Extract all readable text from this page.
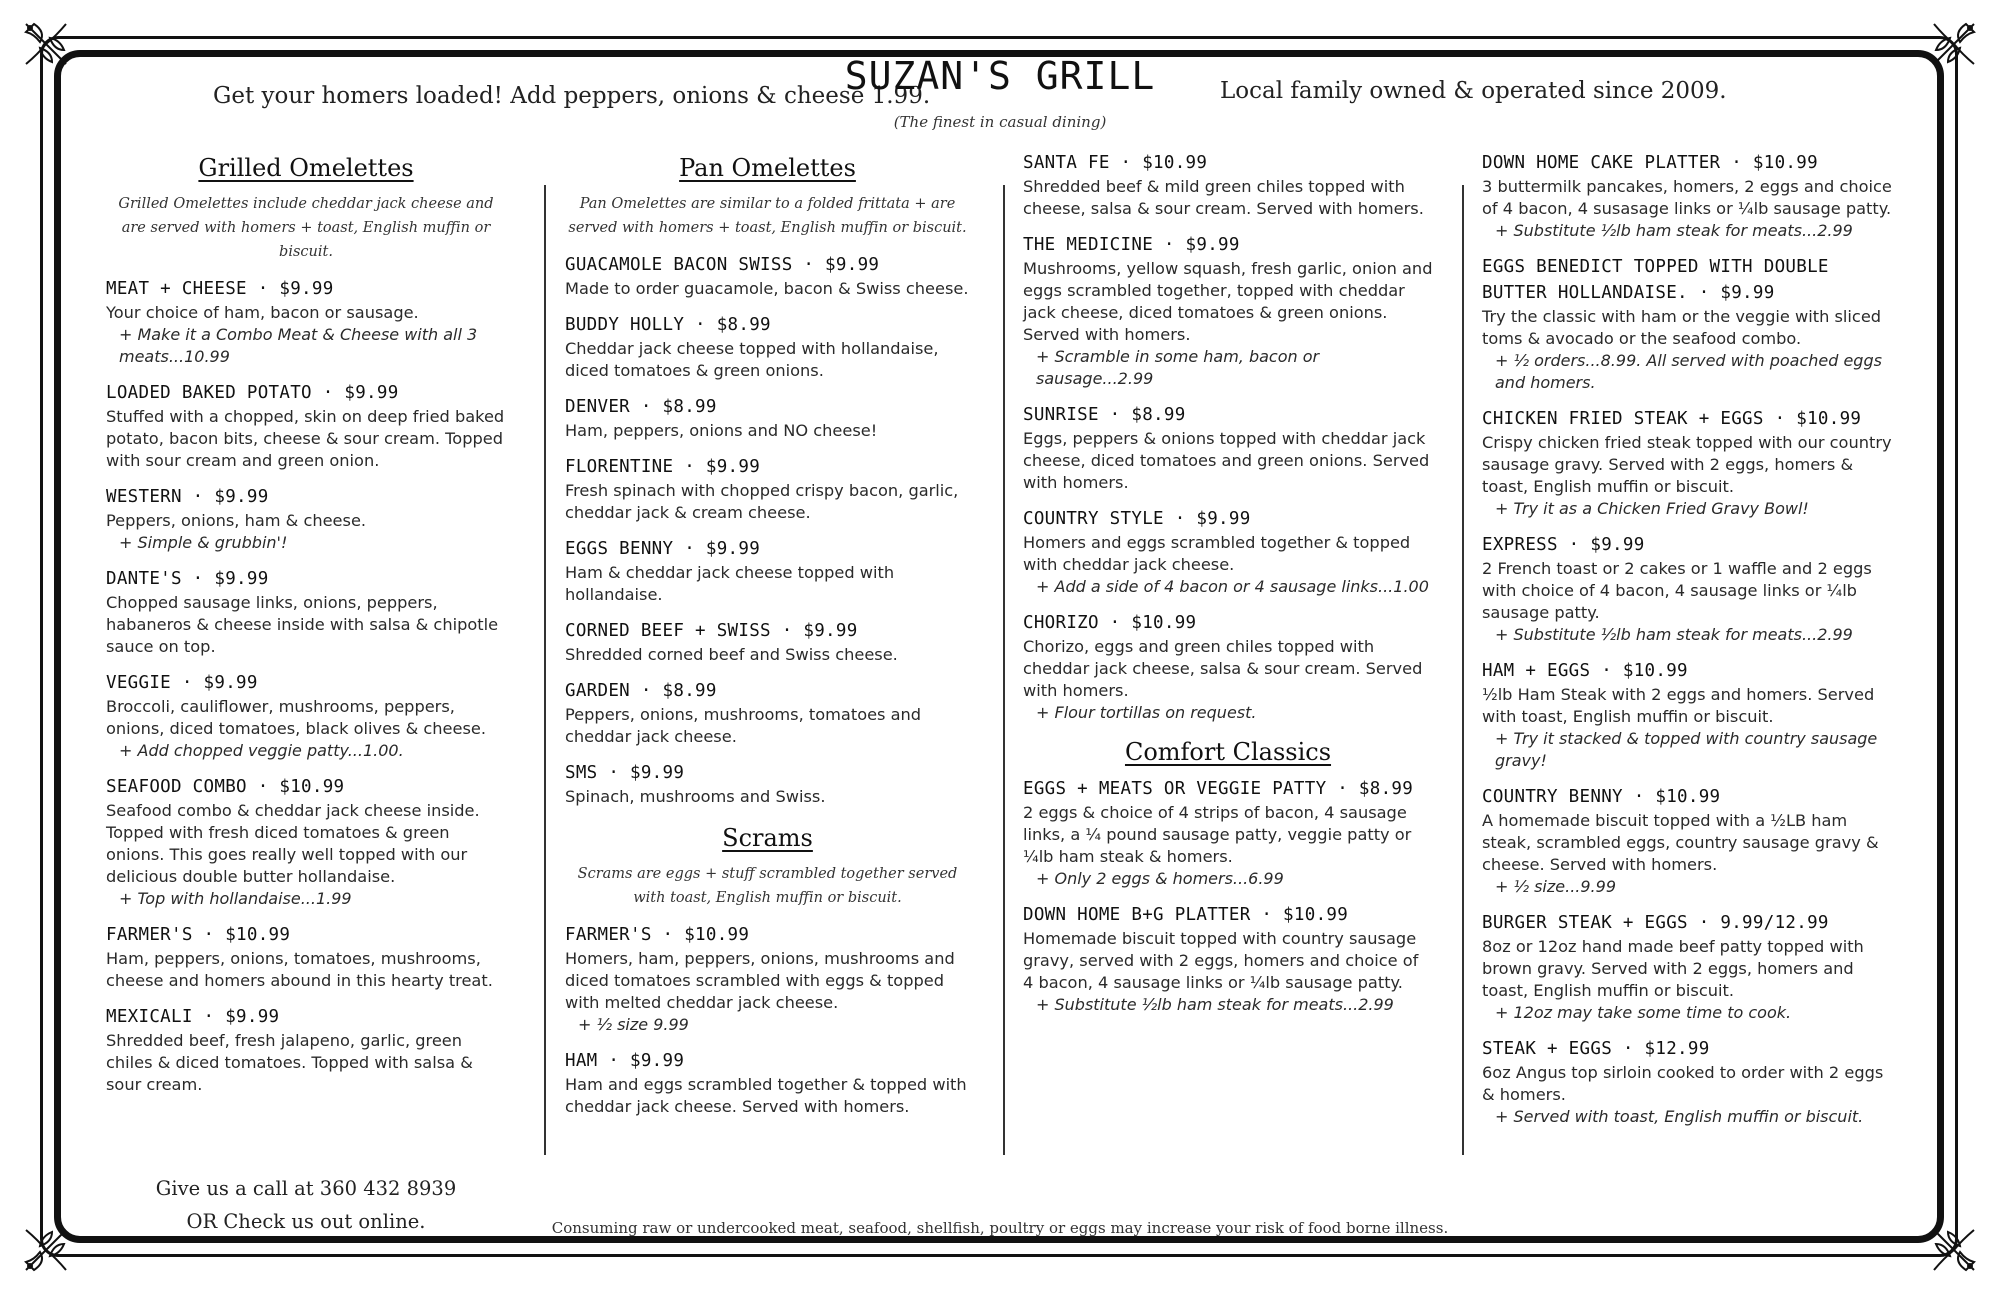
Get your homers loaded! Add peppers, onions & cheese 1.99.
SUZAN'S GRILL
(The finest in casual dining)
Local family owned & operated since 2009.
Grilled Omelettes
Grilled Omelettes include cheddar jack cheese and are served with homers + toast, English muffin or biscuit.
MEAT + CHEESE · $9.99
Your choice of ham, bacon or sausage.
+ Make it a Combo Meat & Cheese with all 3 meats...10.99
LOADED BAKED POTATO · $9.99
Stuffed with a chopped, skin on deep fried baked potato, bacon bits, cheese & sour cream. Topped with sour cream and green onion.
WESTERN · $9.99
Peppers, onions, ham & cheese.
+ Simple & grubbin'!
DANTE'S · $9.99
Chopped sausage links, onions, peppers, habaneros & cheese inside with salsa & chipotle sauce on top.
VEGGIE · $9.99
Broccoli, cauliflower, mushrooms, peppers, onions, diced tomatoes, black olives & cheese.
+ Add chopped veggie patty...1.00.
SEAFOOD COMBO · $10.99
Seafood combo & cheddar jack cheese inside. Topped with fresh diced tomatoes & green onions. This goes really well topped with our delicious double butter hollandaise.
+ Top with hollandaise...1.99
FARMER'S · $10.99
Ham, peppers, onions, tomatoes, mushrooms, cheese and homers abound in this hearty treat.
MEXICALI · $9.99
Shredded beef, fresh jalapeno, garlic, green chiles & diced tomatoes. Topped with salsa & sour cream.
Pan Omelettes
Pan Omelettes are similar to a folded frittata + are served with homers + toast, English muffin or biscuit.
GUACAMOLE BACON SWISS · $9.99
Made to order guacamole, bacon & Swiss cheese.
BUDDY HOLLY · $8.99
Cheddar jack cheese topped with hollandaise, diced tomatoes & green onions.
DENVER · $8.99
Ham, peppers, onions and NO cheese!
FLORENTINE · $9.99
Fresh spinach with chopped crispy bacon, garlic, cheddar jack & cream cheese.
EGGS BENNY · $9.99
Ham & cheddar jack cheese topped with hollandaise.
CORNED BEEF + SWISS · $9.99
Shredded corned beef and Swiss cheese.
GARDEN · $8.99
Peppers, onions, mushrooms, tomatoes and cheddar jack cheese.
SMS · $9.99
Spinach, mushrooms and Swiss.
Scrams
Scrams are eggs + stuff scrambled together served with toast, English muffin or biscuit.
FARMER'S · $10.99
Homers, ham, peppers, onions, mushrooms and diced tomatoes scrambled with eggs & topped with melted cheddar jack cheese.
+ ½ size 9.99
HAM · $9.99
Ham and eggs scrambled together & topped with cheddar jack cheese. Served with homers.
SANTA FE · $10.99
Shredded beef & mild green chiles topped with cheese, salsa & sour cream. Served with homers.
THE MEDICINE · $9.99
Mushrooms, yellow squash, fresh garlic, onion and eggs scrambled together, topped with cheddar jack cheese, diced tomatoes & green onions. Served with homers.
+ Scramble in some ham, bacon or sausage...2.99
SUNRISE · $8.99
Eggs, peppers & onions topped with cheddar jack cheese, diced tomatoes and green onions. Served with homers.
COUNTRY STYLE · $9.99
Homers and eggs scrambled together & topped with cheddar jack cheese.
+ Add a side of 4 bacon or 4 sausage links...1.00
CHORIZO · $10.99
Chorizo, eggs and green chiles topped with cheddar jack cheese, salsa & sour cream. Served with homers.
+ Flour tortillas on request.
Comfort Classics
EGGS + MEATS OR VEGGIE PATTY · $8.99
2 eggs & choice of 4 strips of bacon, 4 sausage links, a ¼ pound sausage patty, veggie patty or ¼lb ham steak & homers.
+ Only 2 eggs & homers...6.99
DOWN HOME B+G PLATTER · $10.99
Homemade biscuit topped with country sausage gravy, served with 2 eggs, homers and choice of 4 bacon, 4 sausage links or ¼lb sausage patty.
+ Substitute ½lb ham steak for meats...2.99
DOWN HOME CAKE PLATTER · $10.99
3 buttermilk pancakes, homers, 2 eggs and choice of 4 bacon, 4 susasage links or ¼lb sausage patty.
+ Substitute ½lb ham steak for meats...2.99
EGGS BENEDICT TOPPED WITH DOUBLE BUTTER HOLLANDAISE. · $9.99
Try the classic with ham or the veggie with sliced toms & avocado or the seafood combo.
+ ½ orders...8.99. All served with poached eggs and homers.
CHICKEN FRIED STEAK + EGGS · $10.99
Crispy chicken fried steak topped with our country sausage gravy. Served with 2 eggs, homers & toast, English muffin or biscuit.
+ Try it as a Chicken Fried Gravy Bowl!
EXPRESS · $9.99
2 French toast or 2 cakes or 1 waffle and 2 eggs with choice of 4 bacon, 4 sausage links or ¼lb sausage patty.
+ Substitute ½lb ham steak for meats...2.99
HAM + EGGS · $10.99
½lb Ham Steak with 2 eggs and homers. Served with toast, English muffin or biscuit.
+ Try it stacked & topped with country sausage gravy!
COUNTRY BENNY · $10.99
A homemade biscuit topped with a ½LB ham steak, scrambled eggs, country sausage gravy & cheese. Served with homers.
+ ½ size...9.99
BURGER STEAK + EGGS · 9.99/12.99
8oz or 12oz hand made beef patty topped with brown gravy. Served with 2 eggs, homers and toast, English muffin or biscuit.
+ 12oz may take some time to cook.
STEAK + EGGS · $12.99
6oz Angus top sirloin cooked to order with 2 eggs & homers.
+ Served with toast, English muffin or biscuit.
Give us a call at 360 432 8939
OR Check us out online.	Consuming raw or undercooked meat, seafood, shellfish, poultry or eggs may increase your risk of food borne illness.
